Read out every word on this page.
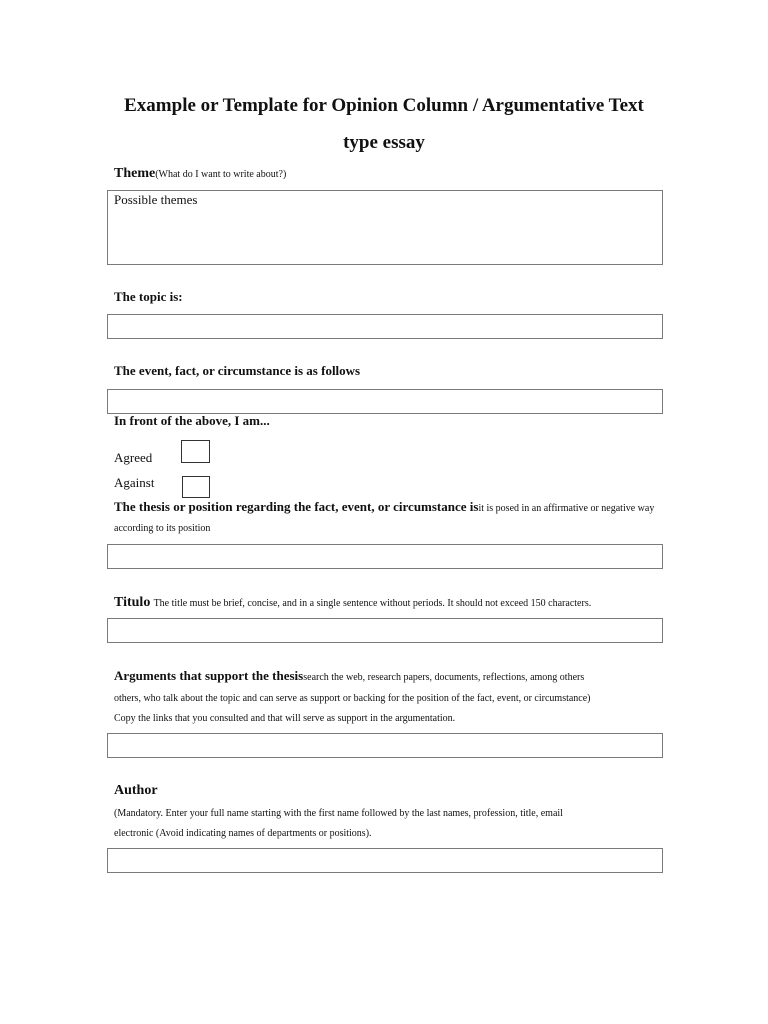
Example or Template for Opinion Column / Argumentative Text
type essay
Theme(What do I want to write about?)
Possible themes
The topic is:
The event, fact, or circumstance is as follows
In front of the above, I am...
Agreed
Against
The thesis or position regarding the fact, event, or circumstance isit is posed in an affirmative or negative way
according to its position
Titulo The title must be brief, concise, and in a single sentence without periods. It should not exceed 150 characters.
Arguments that support the thesissearch the web, research papers, documents, reflections, among others
others, who talk about the topic and can serve as support or backing for the position of the fact, event, or circumstance)
Copy the links that you consulted and that will serve as support in the argumentation.
Author
(Mandatory. Enter your full name starting with the first name followed by the last names, profession, title, email
electronic (Avoid indicating names of departments or positions).
